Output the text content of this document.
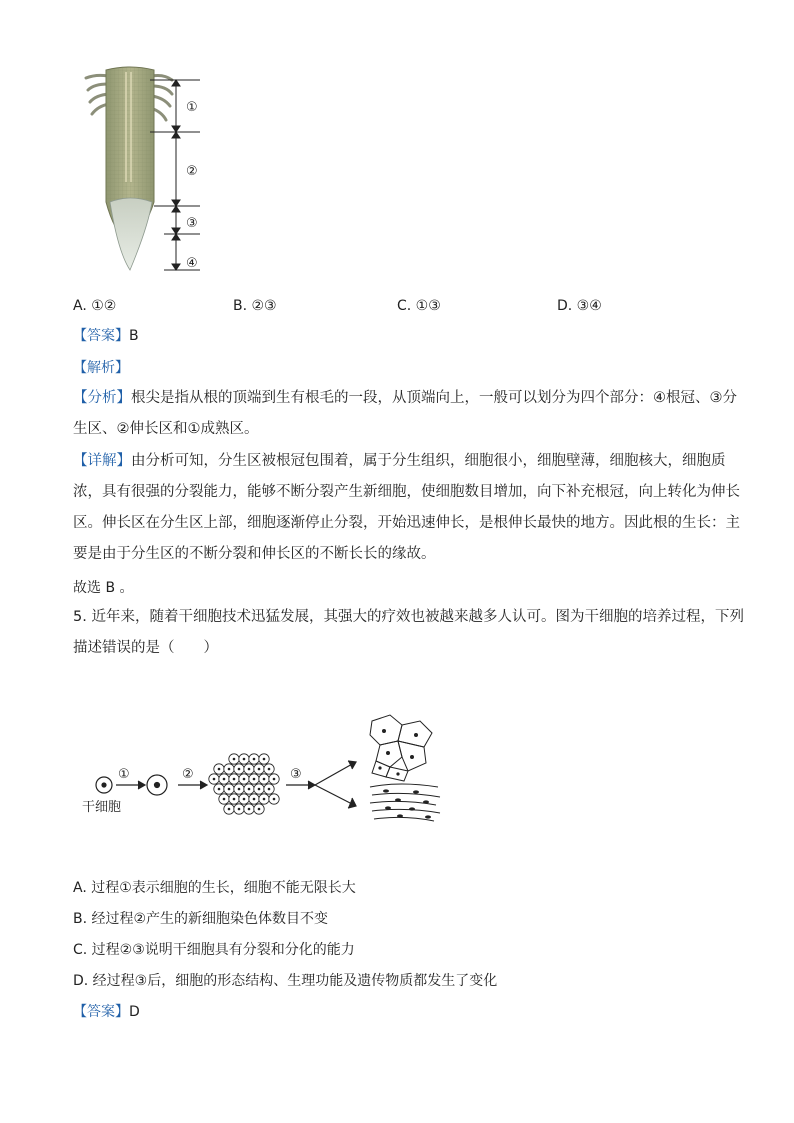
①
②
③
④
A. ①②	B. ②③	C. ①③	D. ③④
【答案】B
【解析】
【分析】根尖是指从根的顶端到生有根毛的一段，从顶端向上，一般可以划分为四个部分：④根冠、③分
生区、②伸长区和①成熟区。
【详解】由分析可知，分生区被根冠包围着，属于分生组织，细胞很小，细胞壁薄，细胞核大，细胞质
浓，具有很强的分裂能力，能够不断分裂产生新细胞，使细胞数目增加，向下补充根冠，向上转化为伸长
区。伸长区在分生区上部，细胞逐渐停止分裂，开始迅速伸长，是根伸长最快的地方。因此根的生长：主
要是由于分生区的不断分裂和伸长区的不断长长的缘故。
故选 B 。
5. 近年来，随着干细胞技术迅猛发展，其强大的疗效也被越来越多人认可。图为干细胞的培养过程，下列
描述错误的是（　　）
①	②	③
干细胞
A. 过程①表示细胞的生长，细胞不能无限长大
B. 经过程②产生的新细胞染色体数目不变
C. 过程②③说明干细胞具有分裂和分化的能力
D. 经过程③后，细胞的形态结构、生理功能及遗传物质都发生了变化
【答案】D
